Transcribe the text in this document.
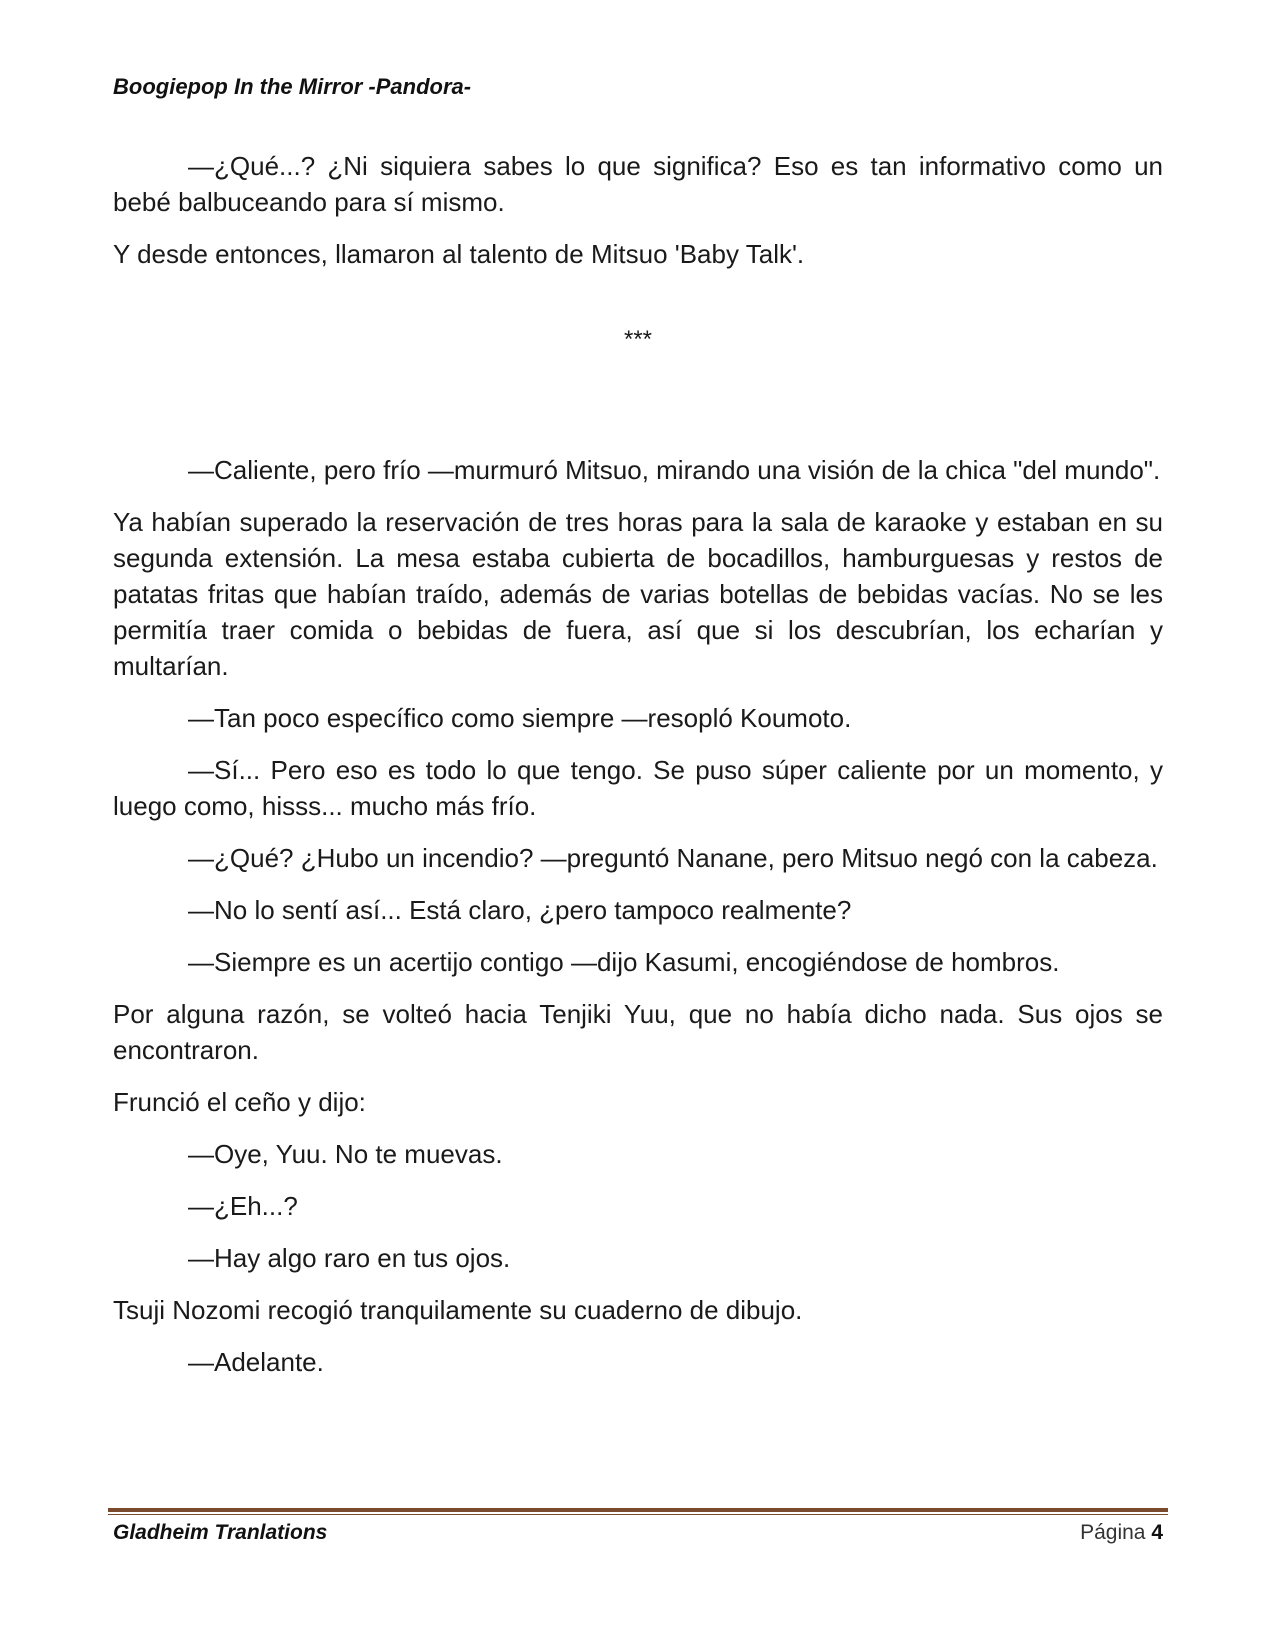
Boogiepop In the Mirror -Pandora-

—¿Qué...? ¿Ni siquiera sabes lo que significa? Eso es tan informativo como un bebé balbuceando para sí mismo.

Y desde entonces, llamaron al talento de Mitsuo 'Baby Talk'.

***

—Caliente, pero frío —murmuró Mitsuo, mirando una visión de la chica "del mundo".

Ya habían superado la reservación de tres horas para la sala de karaoke y estaban en su segunda extensión. La mesa estaba cubierta de bocadillos, hamburguesas y restos de patatas fritas que habían traído, además de varias botellas de bebidas vacías. No se les permitía traer comida o bebidas de fuera, así que si los descubrían, los echarían y multarían.

—Tan poco específico como siempre —resopló Koumoto.

—Sí... Pero eso es todo lo que tengo. Se puso súper caliente por un momento, y luego como, hisss... mucho más frío.

—¿Qué? ¿Hubo un incendio? —preguntó Nanane, pero Mitsuo negó con la cabeza.

—No lo sentí así... Está claro, ¿pero tampoco realmente?

—Siempre es un acertijo contigo —dijo Kasumi, encogiéndose de hombros.

Por alguna razón, se volteó hacia Tenjiki Yuu, que no había dicho nada. Sus ojos se encontraron.

Frunció el ceño y dijo:

—Oye, Yuu. No te muevas.

—¿Eh...?

—Hay algo raro en tus ojos.

Tsuji Nozomi recogió tranquilamente su cuaderno de dibujo.

—Adelante.

Gladheim Tranlations	Página 4
